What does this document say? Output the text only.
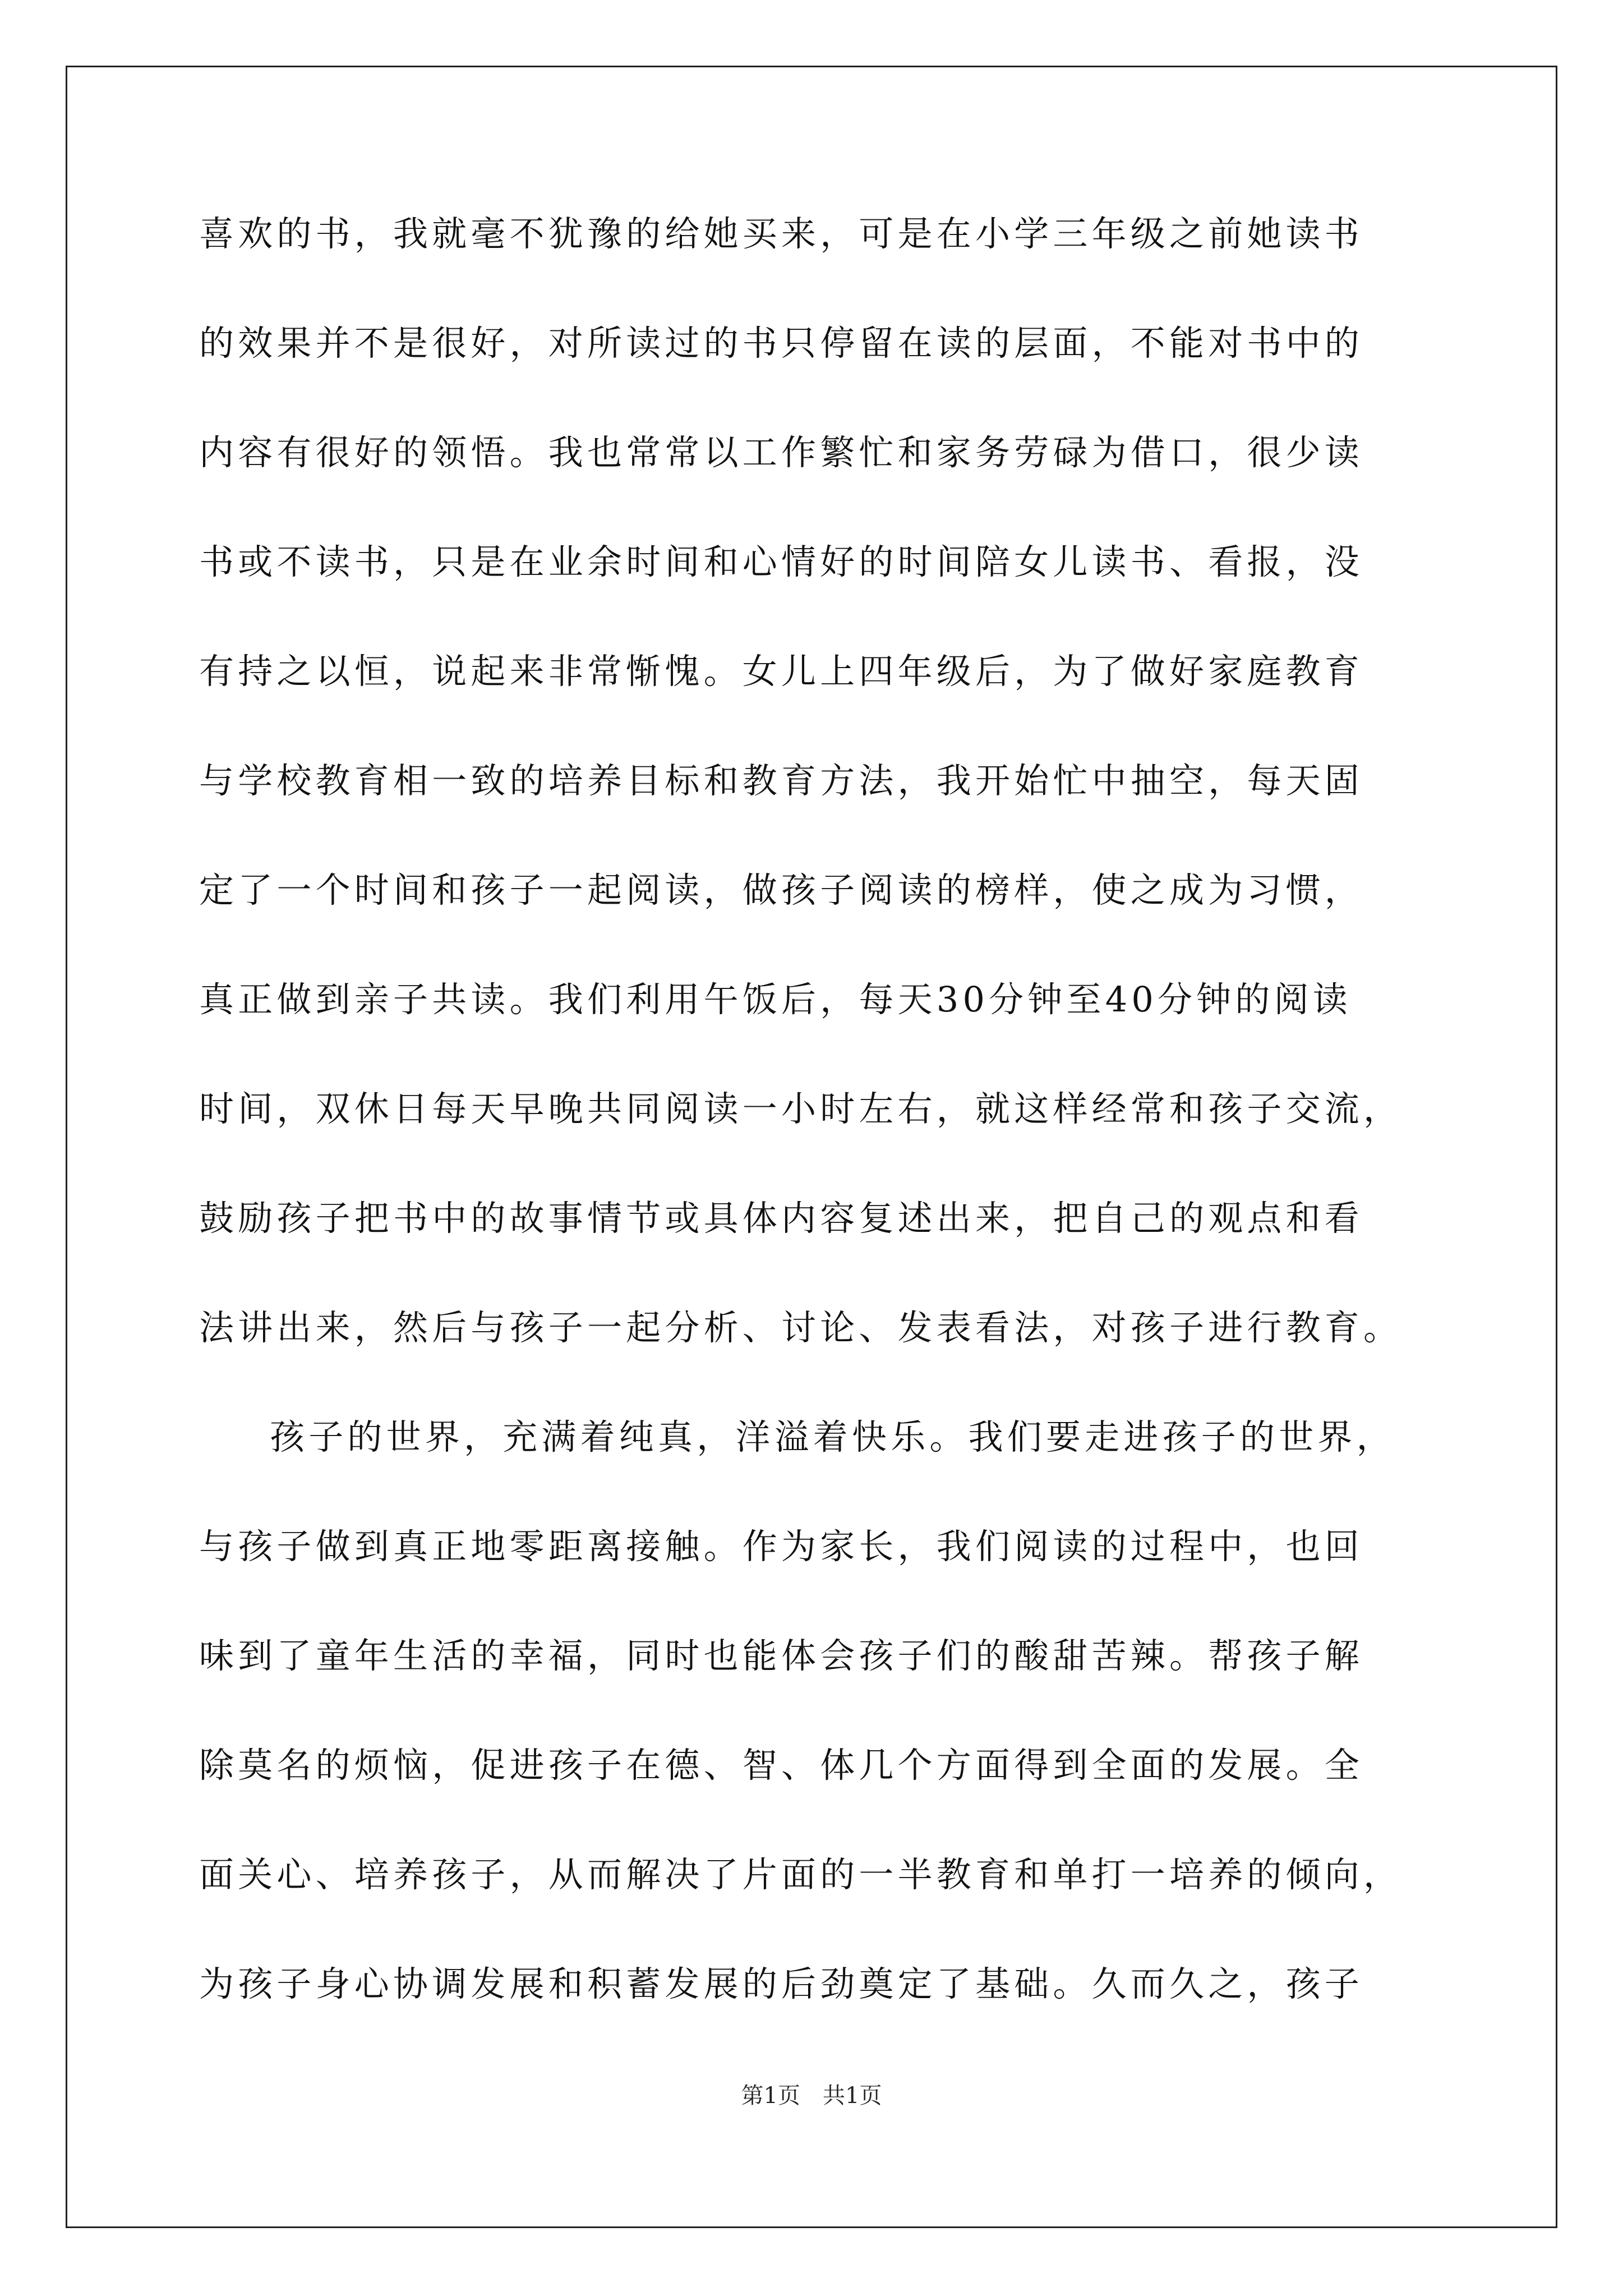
喜欢的书，我就毫不犹豫的给她买来，可是在小学三年级之前她读书
的效果并不是很好，对所读过的书只停留在读的层面，不能对书中的
内容有很好的领悟。我也常常以工作繁忙和家务劳碌为借口，很少读
书或不读书，只是在业余时间和心情好的时间陪女儿读书、看报，没
有持之以恒，说起来非常惭愧。女儿上四年级后，为了做好家庭教育
与学校教育相一致的培养目标和教育方法，我开始忙中抽空，每天固
定了一个时间和孩子一起阅读，做孩子阅读的榜样，使之成为习惯，
真正做到亲子共读。我们利用午饭后，每天30分钟至40分钟的阅读
时间，双休日每天早晚共同阅读一小时左右，就这样经常和孩子交流，
鼓励孩子把书中的故事情节或具体内容复述出来，把自己的观点和看
法讲出来，然后与孩子一起分析、讨论、发表看法，对孩子进行教育。
孩子的世界，充满着纯真，洋溢着快乐。我们要走进孩子的世界，
与孩子做到真正地零距离接触。作为家长，我们阅读的过程中，也回
味到了童年生活的幸福，同时也能体会孩子们的酸甜苦辣。帮孩子解
除莫名的烦恼，促进孩子在德、智、体几个方面得到全面的发展。全
面关心、培养孩子，从而解决了片面的一半教育和单打一培养的倾向，
为孩子身心协调发展和积蓄发展的后劲奠定了基础。久而久之，孩子
第1页　共1页
